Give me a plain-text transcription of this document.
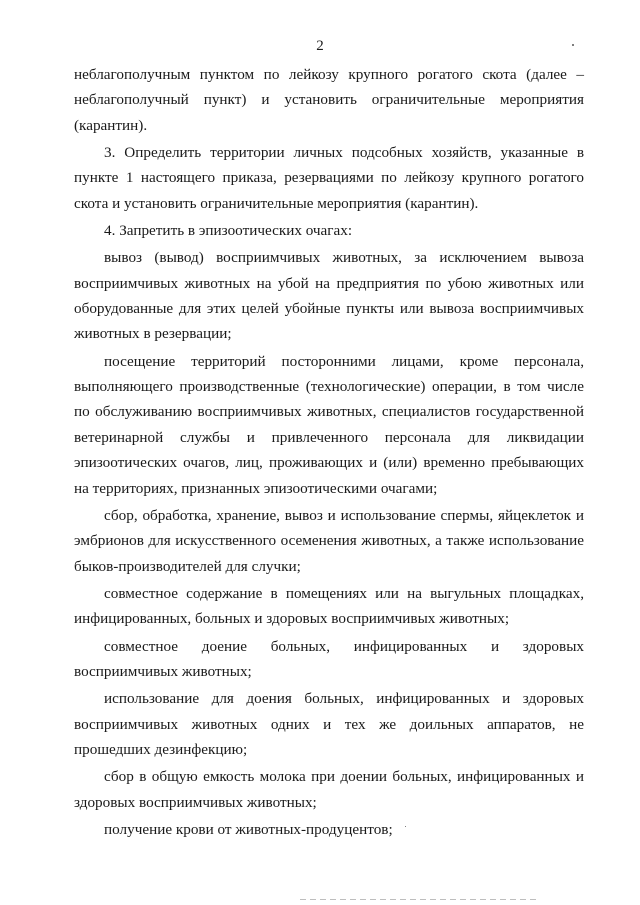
2

неблагополучным пунктом по лейкозу крупного рогатого скота (далее – неблагополучный пункт) и установить ограничительные мероприятия (карантин).

3. Определить территории личных подсобных хозяйств, указанные в пункте 1 настоящего приказа, резервациями по лейкозу крупного рогатого скота и установить ограничительные мероприятия (карантин).

4. Запретить в эпизоотических очагах:

вывоз (вывод) восприимчивых животных, за исключением вывоза восприимчивых животных на убой на предприятия по убою животных или оборудованные для этих целей убойные пункты или вывоза восприимчивых животных в резервации;

посещение территорий посторонними лицами, кроме персонала, выполняющего производственные (технологические) операции, в том числе по обслуживанию восприимчивых животных, специалистов государственной ветеринарной службы и привлеченного персонала для ликвидации эпизоотических очагов, лиц, проживающих и (или) временно пребывающих на территориях, признанных эпизоотическими очагами;

сбор, обработка, хранение, вывоз и использование спермы, яйцеклеток и эмбрионов для искусственного осеменения животных, а также использование быков-производителей для случки;

совместное содержание в помещениях или на выгульных площадках, инфицированных, больных и здоровых восприимчивых животных;

совместное доение больных, инфицированных и здоровых восприимчивых животных;

использование для доения больных, инфицированных и здоровых восприимчивых животных одних и тех же доильных аппаратов, не прошедших дезинфекцию;

сбор в общую емкость молока при доении больных, инфицированных и здоровых восприимчивых животных;

получение крови от животных-продуцентов;
